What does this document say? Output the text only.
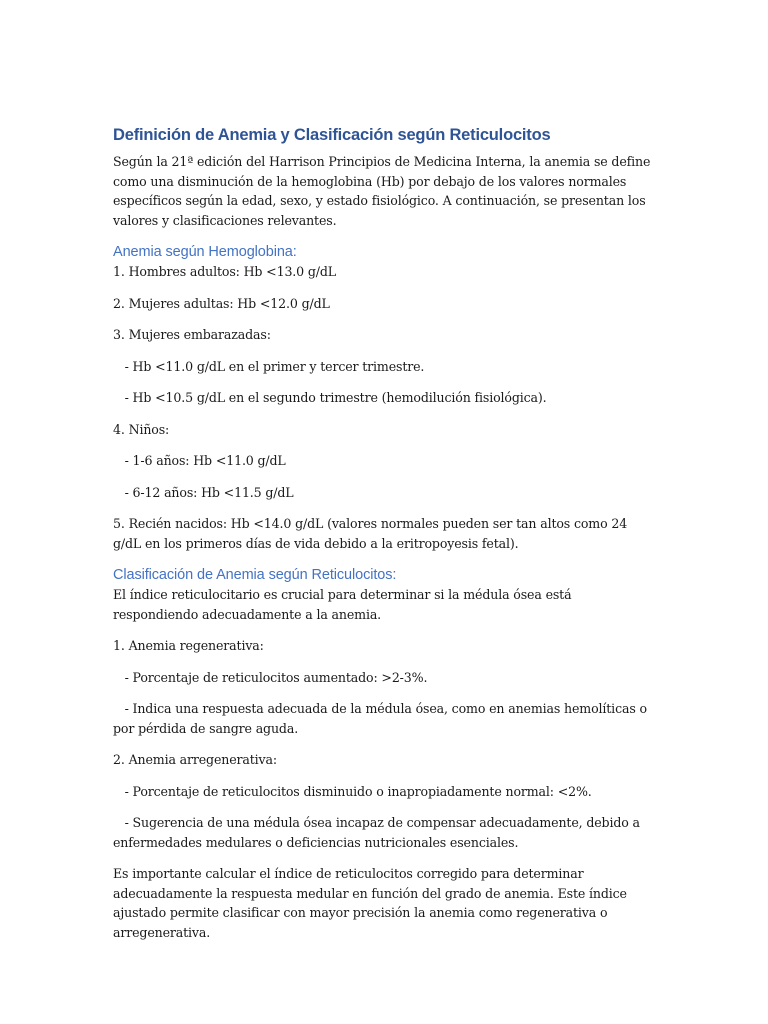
Definición de Anemia y Clasificación según Reticulocitos

Según la 21ª edición del Harrison Principios de Medicina Interna, la anemia se define como una disminución de la hemoglobina (Hb) por debajo de los valores normales específicos según la edad, sexo, y estado fisiológico. A continuación, se presentan los valores y clasificaciones relevantes.

Anemia según Hemoglobina:

1. Hombres adultos: Hb <13.0 g/dL

2. Mujeres adultas: Hb <12.0 g/dL

3. Mujeres embarazadas:

- Hb <11.0 g/dL en el primer y tercer trimestre.

- Hb <10.5 g/dL en el segundo trimestre (hemodilución fisiológica).

4. Niños:

- 1-6 años: Hb <11.0 g/dL

- 6-12 años: Hb <11.5 g/dL

5. Recién nacidos: Hb <14.0 g/dL (valores normales pueden ser tan altos como 24 g/dL en los primeros días de vida debido a la eritropoyesis fetal).

Clasificación de Anemia según Reticulocitos:

El índice reticulocitario es crucial para determinar si la médula ósea está respondiendo adecuadamente a la anemia.

1. Anemia regenerativa:

- Porcentaje de reticulocitos aumentado: >2-3%.

- Indica una respuesta adecuada de la médula ósea, como en anemias hemolíticas o por pérdida de sangre aguda.

2. Anemia arregenerativa:

- Porcentaje de reticulocitos disminuido o inapropiadamente normal: <2%.

- Sugerencia de una médula ósea incapaz de compensar adecuadamente, debido a enfermedades medulares o deficiencias nutricionales esenciales.

Es importante calcular el índice de reticulocitos corregido para determinar adecuadamente la respuesta medular en función del grado de anemia. Este índice ajustado permite clasificar con mayor precisión la anemia como regenerativa o arregenerativa.
